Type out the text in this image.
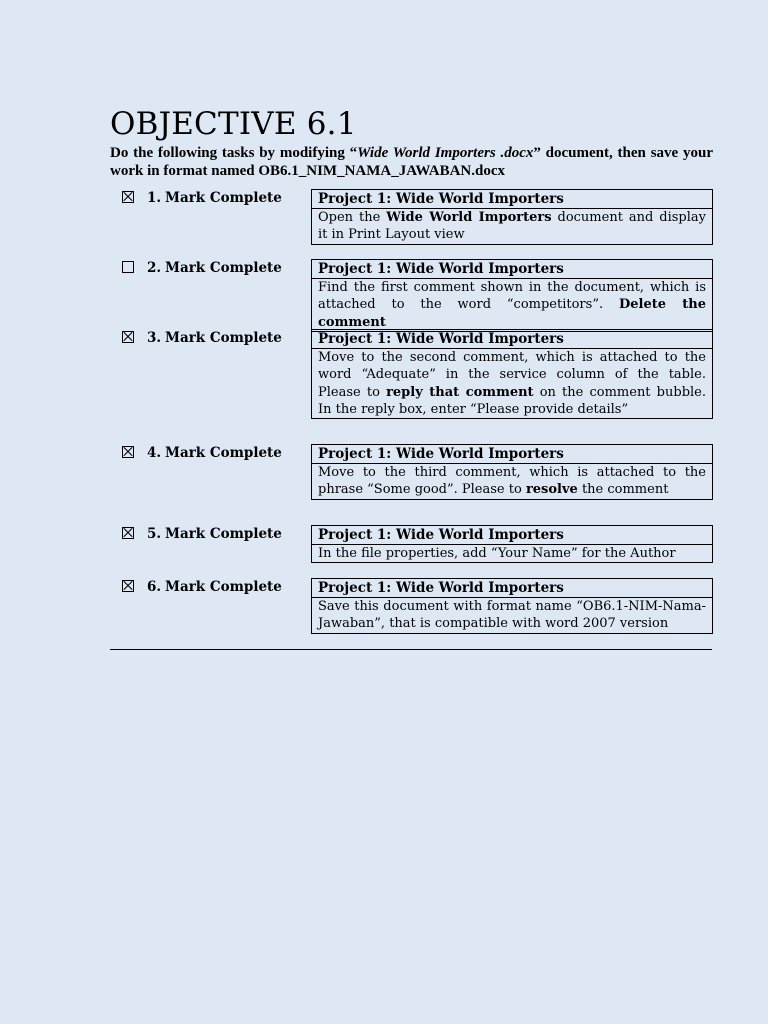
OBJECTIVE 6.1
Do the following tasks by modifying “Wide World Importers .docx” document, then save your work in format named OB6.1_NIM_NAMA_JAWABAN.docx
1. Mark Complete	Project 1: Wide World Importers
Open the Wide World Importers document and display it in Print Layout view
2. Mark Complete	Project 1: Wide World Importers
Find the first comment shown in the document, which is attached to the word “competitors”. Delete the comment
3. Mark Complete	Project 1: Wide World Importers
Move to the second comment, which is attached to the word “Adequate” in the service column of the table. Please to reply that comment on the comment bubble. In the reply box, enter “Please provide details”
4. Mark Complete	Project 1: Wide World Importers
Move to the third comment, which is attached to the phrase “Some good”. Please to resolve the comment
5. Mark Complete	Project 1: Wide World Importers
In the file properties, add “Your Name” for the Author
6. Mark Complete	Project 1: Wide World Importers
Save this document with format name “OB6.1-NIM-Nama-Jawaban”, that is compatible with word 2007 version
